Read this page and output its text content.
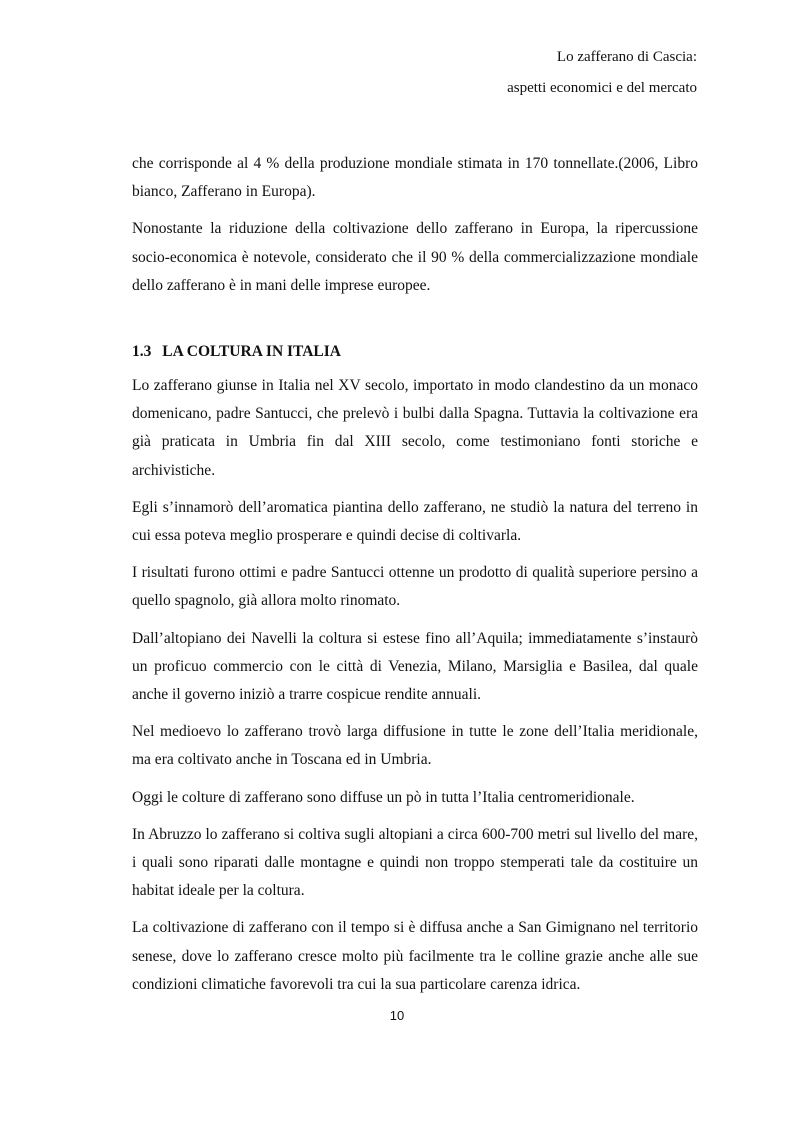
Lo zafferano di Cascia:
aspetti economici e del mercato

che corrisponde al 4 % della produzione mondiale stimata in 170 tonnellate.(2006, Libro bianco, Zafferano in Europa).

Nonostante la riduzione della coltivazione dello zafferano in Europa, la ripercussione socio-economica è notevole, considerato che il 90 % della commercializzazione mondiale dello zafferano è in mani delle imprese europee.

1.3 LA COLTURA IN ITALIA

Lo zafferano giunse in Italia nel XV secolo, importato in modo clandestino da un monaco domenicano, padre Santucci, che prelevò i bulbi dalla Spagna. Tuttavia la coltivazione era già praticata in Umbria fin dal XIII secolo, come testimoniano fonti storiche e archivistiche.

Egli s’innamorò dell’aromatica piantina dello zafferano, ne studiò la natura del terreno in cui essa poteva meglio prosperare e quindi decise di coltivarla.

I risultati furono ottimi e padre Santucci ottenne un prodotto di qualità superiore persino a quello spagnolo, già allora molto rinomato.

Dall’altopiano dei Navelli la coltura si estese fino all’Aquila; immediatamente s’instaurò un proficuo commercio con le città di Venezia, Milano, Marsiglia e Basilea, dal quale anche il governo iniziò a trarre cospicue rendite annuali.

Nel medioevo lo zafferano trovò larga diffusione in tutte le zone dell’Italia meridionale, ma era coltivato anche in Toscana ed in Umbria.

Oggi le colture di zafferano sono diffuse un pò in tutta l’Italia centromeridionale.

In Abruzzo lo zafferano si coltiva sugli altopiani a circa 600-700 metri sul livello del mare, i quali sono riparati dalle montagne e quindi non troppo stemperati tale da costituire un habitat ideale per la coltura.

La coltivazione di zafferano con il tempo si è diffusa anche a San Gimignano nel territorio senese, dove lo zafferano cresce molto più facilmente tra le colline grazie anche alle sue condizioni climatiche favorevoli tra cui la sua particolare carenza idrica.

10
